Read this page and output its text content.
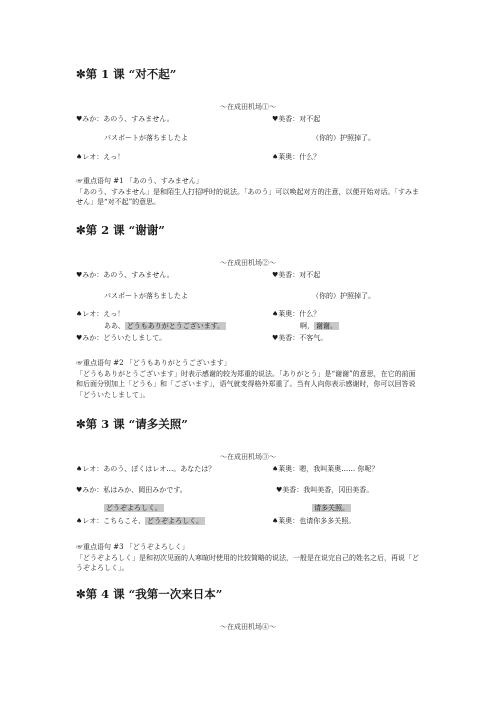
✼第 1 课 “对不起”
～在成田机场①～
♥みか：あのう、すみません。	♥美香：对不起
パスポートが落ちましたよ	（你的）护照掉了。
♠レオ：えっ！	♠莱奥：什么？
☞重点语句 #1 「あのう、すみません」
「あのう、すみません」是和陌生人打招呼时的说法。「あのう」可以唤起对方的注意，以便开始对话。「すみません」是“对不起”的意思。
✼第 2 课 “谢谢”
～在成田机场②～
♥みか：あのう、すみません。	♥美香：对不起
パスポートが落ちましたよ	（你的）护照掉了。
♠レオ：えっ！	♠莱奥：什么？
ああ、 どうもありがとうございます。	啊， 谢谢。
♥みか：どういたしまして。	♥美香：不客气。
☞重点语句 #2 「どうもありがとうございます」
「どうもありがとうございます」时表示感谢的较为郑重的说法。「ありがとう」是“谢谢”的意思，在它的前面和后面分别加上「どうも」和「ございます」，语气就变得格外郑重了。当有人向你表示感谢时，你可以回答说「どういたしまして」。
✼第 3 课 “请多关照”
～在成田机场③～
♠レオ：あのう、ぼくはレオ…。あなたは？	♠莱奥：嗯，我叫莱奥…… 你呢？
♥みか：私はみか、岡田みかです。	♥美香：我叫美香，冈田美香。
どうぞよろしく。	请多关照。
♠レオ：こちらこそ、 どうぞよろしく。	♠莱奥：也请你多多关照。
☞重点语句 #3 「どうぞよろしく」
「どうぞよろしく」是和初次见面的人寒暄时使用的比较简略的说法，一般是在说完自己的姓名之后，再说「どうぞよろしく」。
✼第 4 课 “我第一次来日本”
～在成田机场④～
